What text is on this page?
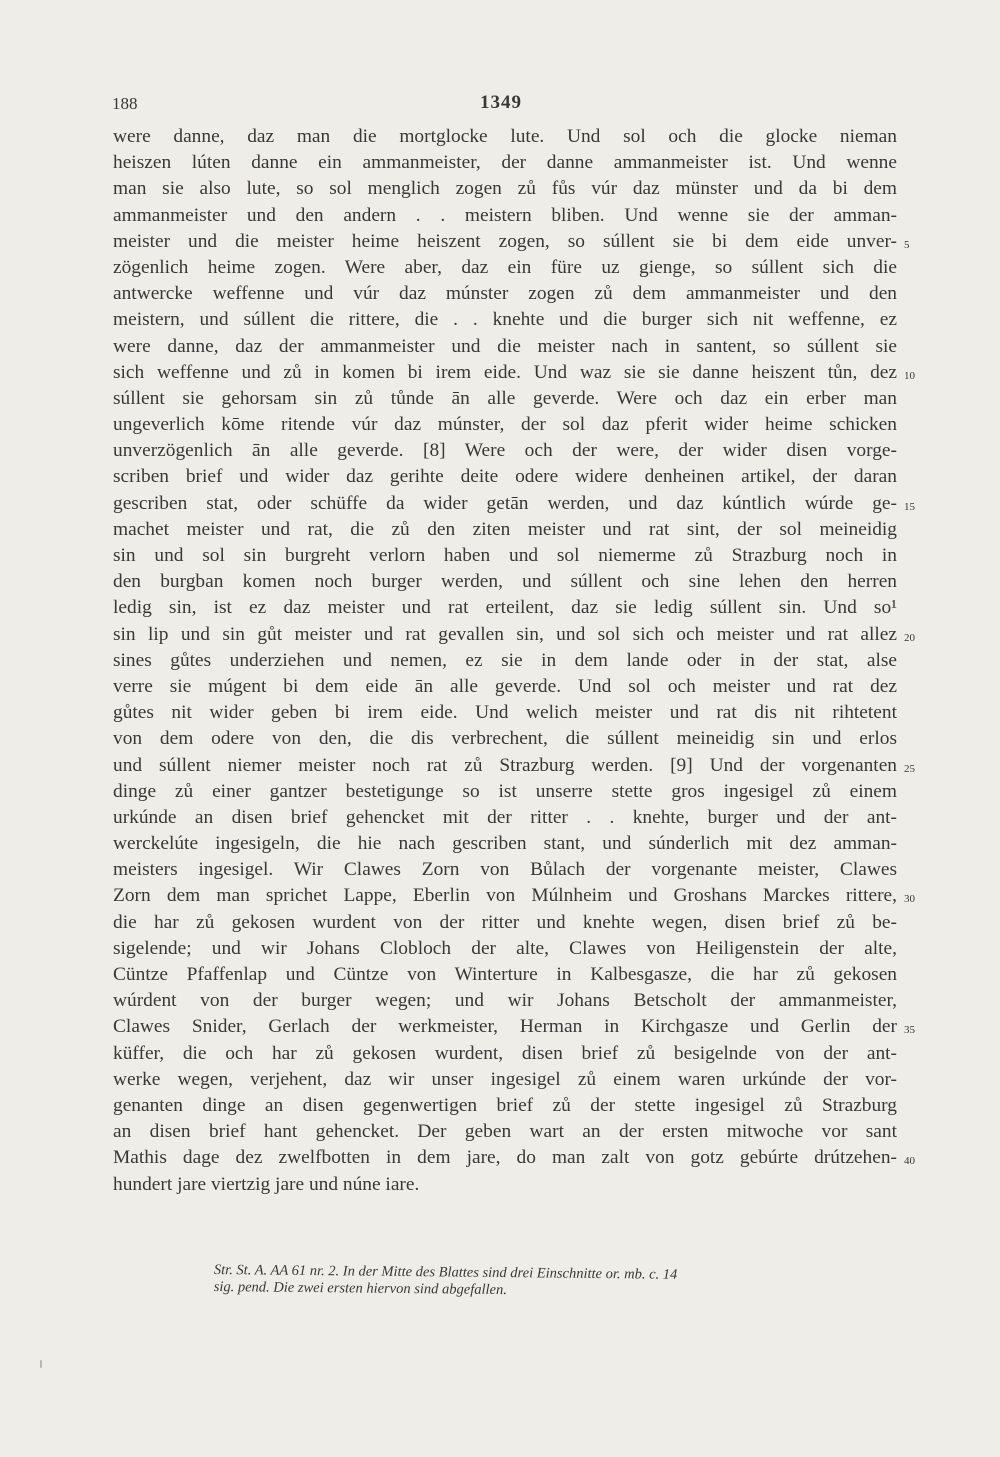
188	1349
were danne, daz man die mortglocke lute. Und sol och die glocke nieman
heiszen lúten danne ein ammanmeister, der danne ammanmeister ist. Und wenne
man sie also lute, so sol menglich zogen zů fůs vúr daz münster und da bi dem
ammanmeister und den andern . . meistern bliben. Und wenne sie der amman-
meister und die meister heime heiszent zogen, so súllent sie bi dem eide unver-
zögenlich heime zogen. Were aber, daz ein füre uz gienge, so súllent sich die
antwercke weffenne und vúr daz múnster zogen zů dem ammanmeister und den
meistern, und súllent die rittere, die . . knehte und die burger sich nit weffenne, ez
were danne, daz der ammanmeister und die meister nach in santent, so súllent sie
sich weffenne und zů in komen bi irem eide. Und waz sie sie danne heiszent tůn, dez
súllent sie gehorsam sin zů tůnde ān alle geverde. Were och daz ein erber man
ungeverlich kōme ritende vúr daz múnster, der sol daz pferit wider heime schicken
unverzögenlich ān alle geverde. [8] Were och der were, der wider disen vorge-
scriben brief und wider daz gerihte deite odere widere denheinen artikel, der daran
gescriben stat, oder schüffe da wider getān werden, und daz kúntlich wúrde ge-
machet meister und rat, die zů den ziten meister und rat sint, der sol meineidig
sin und sol sin burgreht verlorn haben und sol niemerme zů Strazburg noch in
den burgban komen noch burger werden, und súllent och sine lehen den herren
ledig sin, ist ez daz meister und rat erteilent, daz sie ledig súllent sin. Und so¹
sin lip und sin gůt meister und rat gevallen sin, und sol sich och meister und rat allez
sines gůtes underziehen und nemen, ez sie in dem lande oder in der stat, alse
verre sie múgent bi dem eide ān alle geverde. Und sol och meister und rat dez
gůtes nit wider geben bi irem eide. Und welich meister und rat dis nit rihtetent
von dem odere von den, die dis verbrechent, die súllent meineidig sin und erlos
und súllent niemer meister noch rat zů Strazburg werden. [9] Und der vorgenanten
dinge zů einer gantzer bestetigunge so ist unserre stette gros ingesigel zů einem
urkúnde an disen brief gehencket mit der ritter . . knehte, burger und der ant-
werckelúte ingesigeln, die hie nach gescriben stant, und súnderlich mit dez amman-
meisters ingesigel. Wir Clawes Zorn von Bůlach der vorgenante meister, Clawes
Zorn dem man sprichet Lappe, Eberlin von Múlnheim und Groshans Marckes rittere,
die har zů gekosen wurdent von der ritter und knehte wegen, disen brief zů be-
sigelende; und wir Johans Clobloch der alte, Clawes von Heiligenstein der alte,
Cüntze Pfaffenlap und Cüntze von Winterture in Kalbesgasze, die har zů gekosen
wúrdent von der burger wegen; und wir Johans Betscholt der ammanmeister,
Clawes Snider, Gerlach der werkmeister, Herman in Kirchgasze und Gerlin der
küffer, die och har zů gekosen wurdent, disen brief zů besigelnde von der ant-
werke wegen, verjehent, daz wir unser ingesigel zů einem waren urkúnde der vor-
genanten dinge an disen gegenwertigen brief zů der stette ingesigel zů Strazburg
an disen brief hant gehencket. Der geben wart an der ersten mitwoche vor sant
Mathis dage dez zwelfbotten in dem jare, do man zalt von gotz gebúrte drútzehen-
hundert jare viertzig jare und núne iare.
5
10
15
20
25
30
35
40
Str. St. A. AA 61 nr. 2. In der Mitte des Blattes sind drei Einschnitte or. mb. c. 14
sig. pend. Die zwei ersten hiervon sind abgefallen.
